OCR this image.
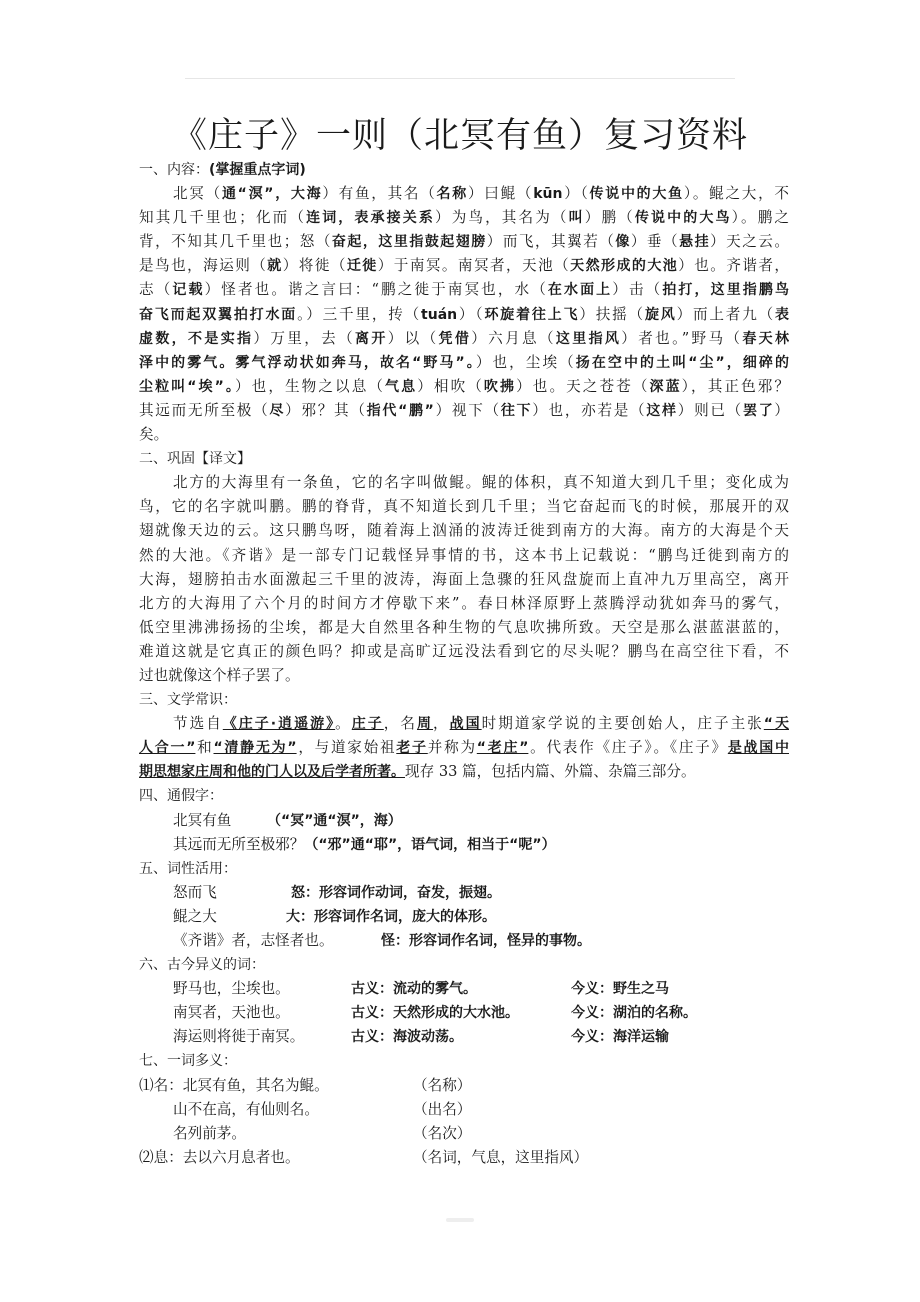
《庄子》一则（北冥有鱼）复习资料
一、内容：(掌握重点字词)
北冥（通“溟”，大海）有鱼，其名（名称）曰鲲（kūn）（传说中的大鱼）。鲲之大，不
知其几千里也；化而（连词，表承接关系）为鸟，其名为（叫）鹏（传说中的大鸟）。鹏之
背，不知其几千里也；怒（奋起，这里指鼓起翅膀）而飞，其翼若（像）垂（悬挂）天之云。
是鸟也，海运则（就）将徙（迁徙）于南冥。南冥者，天池（天然形成的大池）也。齐谐者，
志（记载）怪者也。谐之言曰：“鹏之徙于南冥也，水（在水面上）击（拍打，这里指鹏鸟
奋飞而起双翼拍打水面。）三千里，抟（tuán）（环旋着往上飞）扶摇（旋风）而上者九（表
虚数，不是实指）万里，去（离开）以（凭借）六月息（这里指风）者也。”野马（春天林
泽中的雾气。雾气浮动状如奔马，故名“野马”。）也，尘埃（扬在空中的土叫“尘”，细碎的
尘粒叫“埃”。）也，生物之以息（气息）相吹（吹拂）也。天之苍苍（深蓝），其正色邪？
其远而无所至极（尽）邪？其（指代“鹏”）视下（往下）也，亦若是（这样）则已（罢了）
矣。
二、巩固【译文】
北方的大海里有一条鱼，它的名字叫做鲲。鲲的体积，真不知道大到几千里；变化成为
鸟，它的名字就叫鹏。鹏的脊背，真不知道长到几千里；当它奋起而飞的时候，那展开的双
翅就像天边的云。这只鹏鸟呀，随着海上汹涌的波涛迁徙到南方的大海。南方的大海是个天
然的大池。《齐谐》是一部专门记载怪异事情的书，这本书上记载说：“鹏鸟迁徙到南方的
大海，翅膀拍击水面激起三千里的波涛，海面上急骤的狂风盘旋而上直冲九万里高空，离开
北方的大海用了六个月的时间方才停歇下来”。春日林泽原野上蒸腾浮动犹如奔马的雾气，
低空里沸沸扬扬的尘埃，都是大自然里各种生物的气息吹拂所致。天空是那么湛蓝湛蓝的，
难道这就是它真正的颜色吗？抑或是高旷辽远没法看到它的尽头呢？鹏鸟在高空往下看，不
过也就像这个样子罢了。
三、文学常识：
节选自《庄子·逍遥游》。庄子，名周，战国时期道家学说的主要创始人，庄子主张“天
人合一”和“清静无为”，与道家始祖老子并称为“老庄”。代表作《庄子》。《庄子》是战国中
期思想家庄周和他的门人以及后学者所著。现存 33 篇，包括内篇、外篇、杂篇三部分。
四、通假字：
北冥有鱼　	（“冥”通“溟”，海）
其远而无所至极邪？ （“邪”通“耶”，语气词，相当于“呢”）
五、词性活用：
怒而飞	怒：形容词作动词，奋发，振翅。
鲲之大	大：形容词作名词，庞大的体形。
《齐谐》者，志怪者也。	怪：形容词作名词，怪异的事物。
六、古今异义的词：
野马也，尘埃也。	古义：流动的雾气。	今义：野生之马
南冥者，天池也。	古义：天然形成的大水池。	今义：湖泊的名称。
海运则将徙于南冥。	古义：海波动荡。	今义：海洋运输
七、一词多义：
⑴名：北冥有鱼，其名为鲲。	（名称）
山不在高，有仙则名。	（出名）
名列前茅。	（名次）
⑵息：去以六月息者也。	（名词，气息，这里指风）
